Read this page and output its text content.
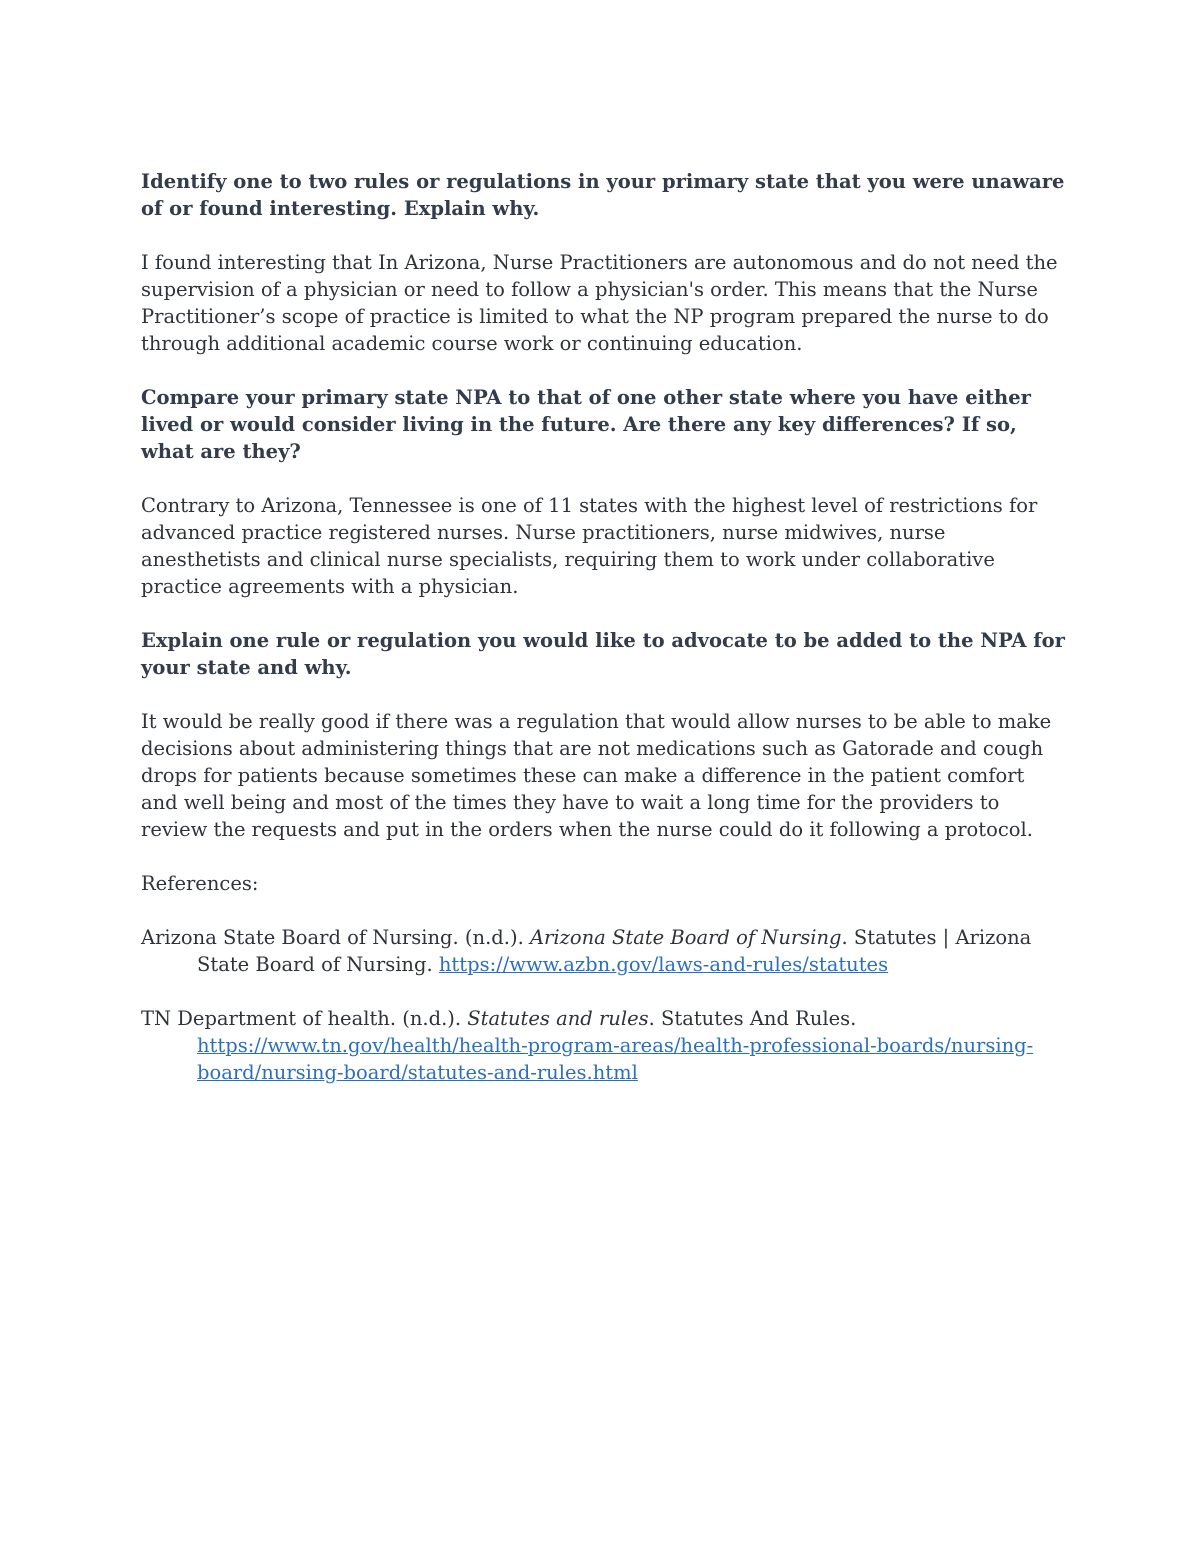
Identify one to two rules or regulations in your primary state that you were unaware of or found interesting. Explain why.

I found interesting that In Arizona, Nurse Practitioners are autonomous and do not need the supervision of a physician or need to follow a physician's order. This means that the Nurse Practitioner’s scope of practice is limited to what the NP program prepared the nurse to do through additional academic course work or continuing education.

Compare your primary state NPA to that of one other state where you have either lived or would consider living in the future. Are there any key differences? If so, what are they?

Contrary to Arizona, Tennessee is one of 11 states with the highest level of restrictions for advanced practice registered nurses. Nurse practitioners, nurse midwives, nurse anesthetists and clinical nurse specialists, requiring them to work under collaborative practice agreements with a physician.

Explain one rule or regulation you would like to advocate to be added to the NPA for your state and why.

It would be really good if there was a regulation that would allow nurses to be able to make decisions about administering things that are not medications such as Gatorade and cough drops for patients because sometimes these can make a difference in the patient comfort and well being and most of the times they have to wait a long time for the providers to review the requests and put in the orders when the nurse could do it following a protocol.

References:

Arizona State Board of Nursing. (n.d.). Arizona State Board of Nursing. Statutes | Arizona State Board of Nursing. https://www.azbn.gov/laws-and-rules/statutes

TN Department of health. (n.d.). Statutes and rules. Statutes And Rules. https://www.tn.gov/health/health-program-areas/health-professional-boards/nursing-board/nursing-board/statutes-and-rules.html
